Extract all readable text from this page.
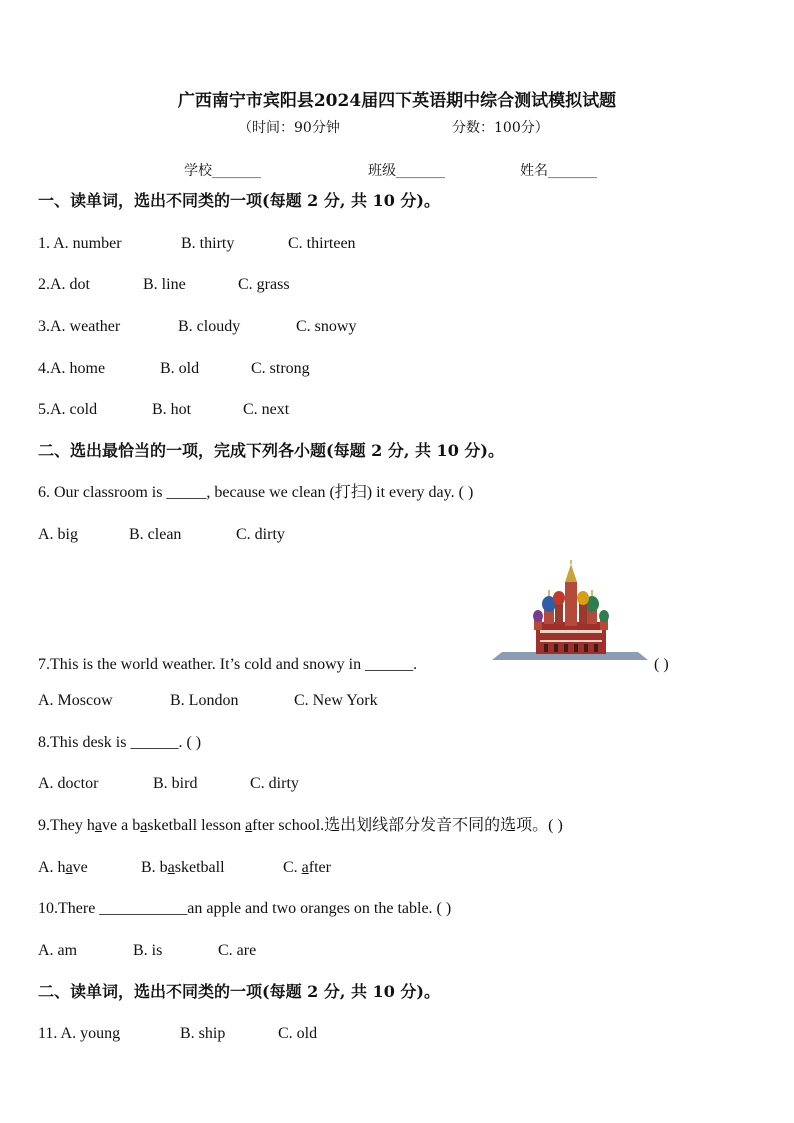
广西南宁市宾阳县2024届四下英语期中综合测试模拟试题
（时间：90分钟	分数：100分）
学校_______	班级_______	姓名_______
一、读单词，选出不同类的一项(每题 2 分, 共 10 分)。
1. A. number	B. thirty	C. thirteen
2.A. dot	B. line	C. grass
3.A. weather	B. cloudy	C. snowy
4.A. home	B. old	C. strong
5.A. cold	B. hot	C. next
二、选出最恰当的一项，完成下列各小题(每题 2 分, 共 10 分)。
6. Our classroom is _____, because we clean (打扫) it every day. ( )
A. big	B. clean	C. dirty
7.This is the world weather. It’s cold and snowy in ______.	( )
A. Moscow	B. London	C. New York
8.This desk is ______. ( )
A. doctor	B. bird	C. dirty
9.They have a basketball lesson after school.选出划线部分发音不同的选项。( )
A. have	B. basketball	C. after
10.There ___________an apple and two oranges on the table. ( )
A. am	B. is	C. are
二、读单词，选出不同类的一项(每题 2 分, 共 10 分)。
11. A. young	B. ship	C. old
